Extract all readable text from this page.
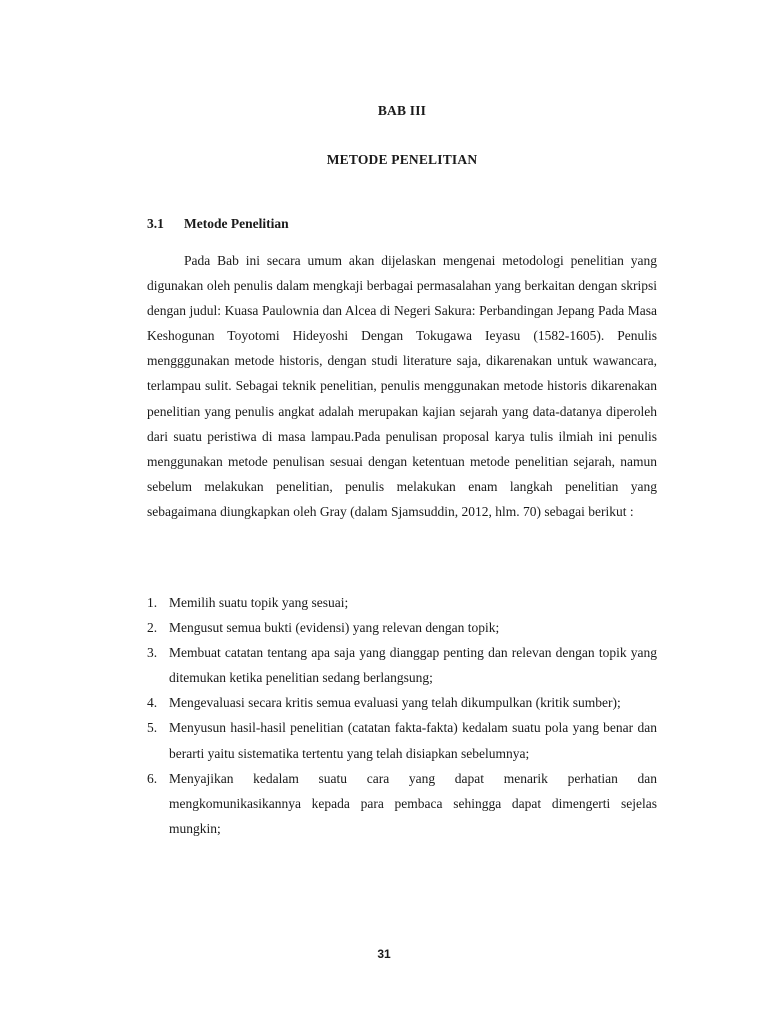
BAB III
METODE PENELITIAN
3.1 Metode Penelitian

Pada Bab ini secara umum akan dijelaskan mengenai metodologi penelitian yang digunakan oleh penulis dalam mengkaji berbagai permasalahan yang berkaitan dengan skripsi dengan judul: Kuasa Paulownia dan Alcea di Negeri Sakura: Perbandingan Jepang Pada Masa Keshogunan Toyotomi Hideyoshi Dengan Tokugawa Ieyasu (1582-1605). Penulis mengggunakan metode historis, dengan studi literature saja, dikarenakan untuk wawancara, terlampau sulit. Sebagai teknik penelitian, penulis menggunakan metode historis dikarenakan penelitian yang penulis angkat adalah merupakan kajian sejarah yang data-datanya diperoleh dari suatu peristiwa di masa lampau.Pada penulisan proposal karya tulis ilmiah ini penulis menggunakan metode penulisan sesuai dengan ketentuan metode penelitian sejarah, namun sebelum melakukan penelitian, penulis melakukan enam langkah penelitian yang sebagaimana diungkapkan oleh Gray (dalam Sjamsuddin, 2012, hlm. 70) sebagai berikut :

1. Memilih suatu topik yang sesuai;
2. Mengusut semua bukti (evidensi) yang relevan dengan topik;
3. Membuat catatan tentang apa saja yang dianggap penting dan relevan dengan topik yang ditemukan ketika penelitian sedang berlangsung;
4. Mengevaluasi secara kritis semua evaluasi yang telah dikumpulkan (kritik sumber);
5. Menyusun hasil-hasil penelitian (catatan fakta-fakta) kedalam suatu pola yang benar dan berarti yaitu sistematika tertentu yang telah disiapkan sebelumnya;
6. Menyajikan kedalam suatu cara yang dapat menarik perhatian dan mengkomunikasikannya kepada para pembaca sehingga dapat dimengerti sejelas mungkin;
31
